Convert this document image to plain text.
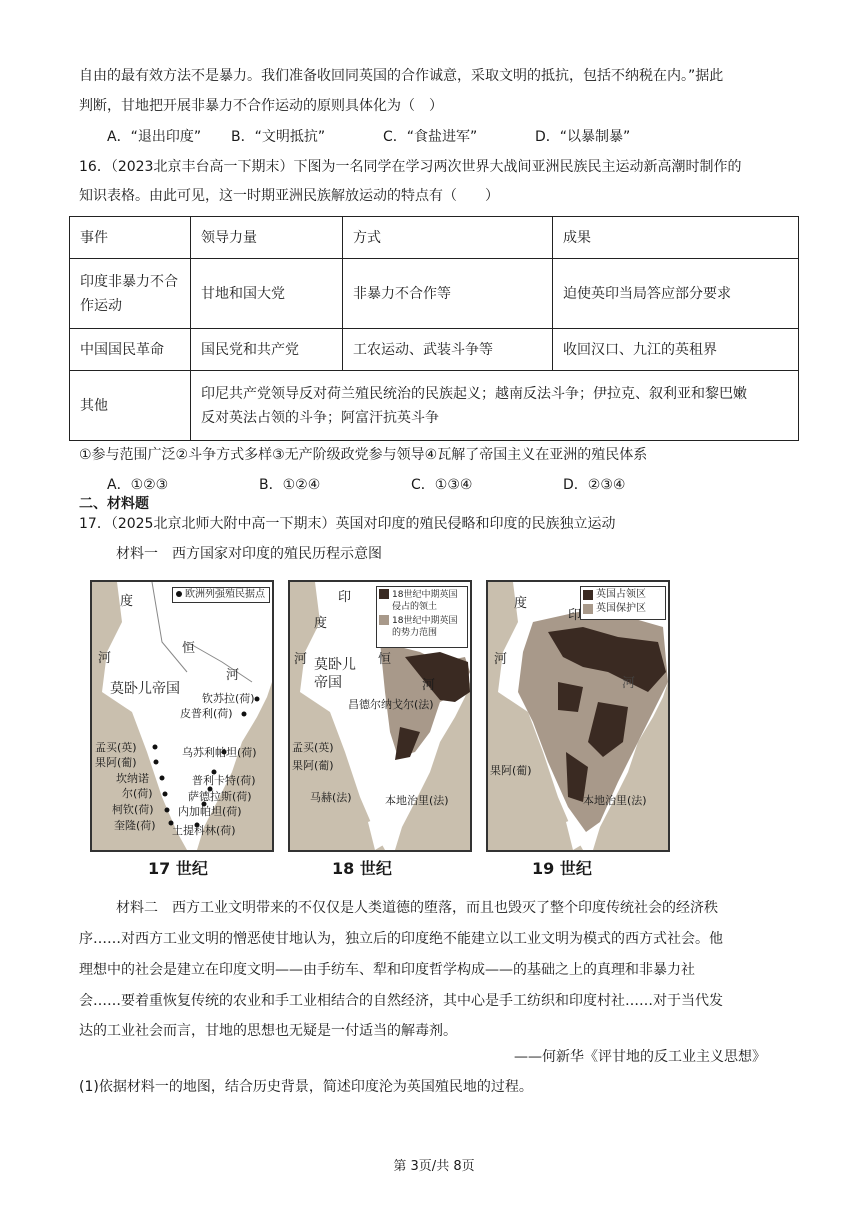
自由的最有效方法不是暴力。我们准备收回同英国的合作诚意，采取文明的抵抗，包括不纳税在内。”据此
判断，甘地把开展非暴力不合作运动的原则具体化为（　）
A．“退出印度” B．“文明抵抗”	C．“食盐进军”	D．“以暴制暴”
16．（2023北京丰台高一下期末）下图为一名同学在学习两次世界大战间亚洲民族民主运动新高潮时制作的
知识表格。由此可见，这一时期亚洲民族解放运动的特点有（　　）
事件	领导力量	方式	成果
印度非暴力不合作运动	甘地和国大党	非暴力不合作等	迫使英印当局答应部分要求
中国国民革命	国民党和共产党	工农运动、武装斗争等	收回汉口、九江的英租界
其他	印尼共产党领导反对荷兰殖民统治的民族起义；越南反法斗争；伊拉克、叙利亚和黎巴嫩
反对英法占领的斗争；阿富汗抗英斗争		
①参与范围广泛②斗争方式多样③无产阶级政党参与领导④瓦解了帝国主义在亚洲的殖民体系
A．①②③	B．①②④	C．①③④	D．②③④
二、材料题
17．（2025北京北师大附中高一下期末）英国对印度的殖民侵略和印度的民族独立运动
材料一　西方国家对印度的殖民历程示意图
欧洲列强殖民据点
度
河
恒
河
莫卧儿帝国
钦苏拉(荷)
皮普利(荷)
孟买(英)
果阿(葡)
坎纳诺
尔(荷)
柯钦(荷)
奎隆(荷)
乌苏利帕坦(荷)
普利卡特(荷)
萨德拉斯(荷)
内加帕坦(荷)
土提科林(荷)
17 世纪
18世纪中期英国侵占的领土
18世纪中期英国的势力范围
印
度
河	恒
河
莫卧儿
帝国
昌德尔纳戈尔(法)
孟买(英)
果阿(葡)
马赫(法)	本地治里(法)
18 世纪
英国占领区
英国保护区
度
印
河
河
果阿(葡)
本地治里(法)
19 世纪
材料二　西方工业文明带来的不仅仅是人类道德的堕落，而且也毁灭了整个印度传统社会的经济秩
序……对西方工业文明的憎恶使甘地认为，独立后的印度绝不能建立以工业文明为模式的西方式社会。他
理想中的社会是建立在印度文明——由手纺车、犁和印度哲学构成——的基础之上的真理和非暴力社
会……要着重恢复传统的农业和手工业相结合的自然经济，其中心是手工纺织和印度村社……对于当代发
达的工业社会而言，甘地的思想也无疑是一付适当的解毒剂。
——何新华《评甘地的反工业主义思想》
(1)依据材料一的地图，结合历史背景，简述印度沦为英国殖民地的过程。
第 3页/共 8页
